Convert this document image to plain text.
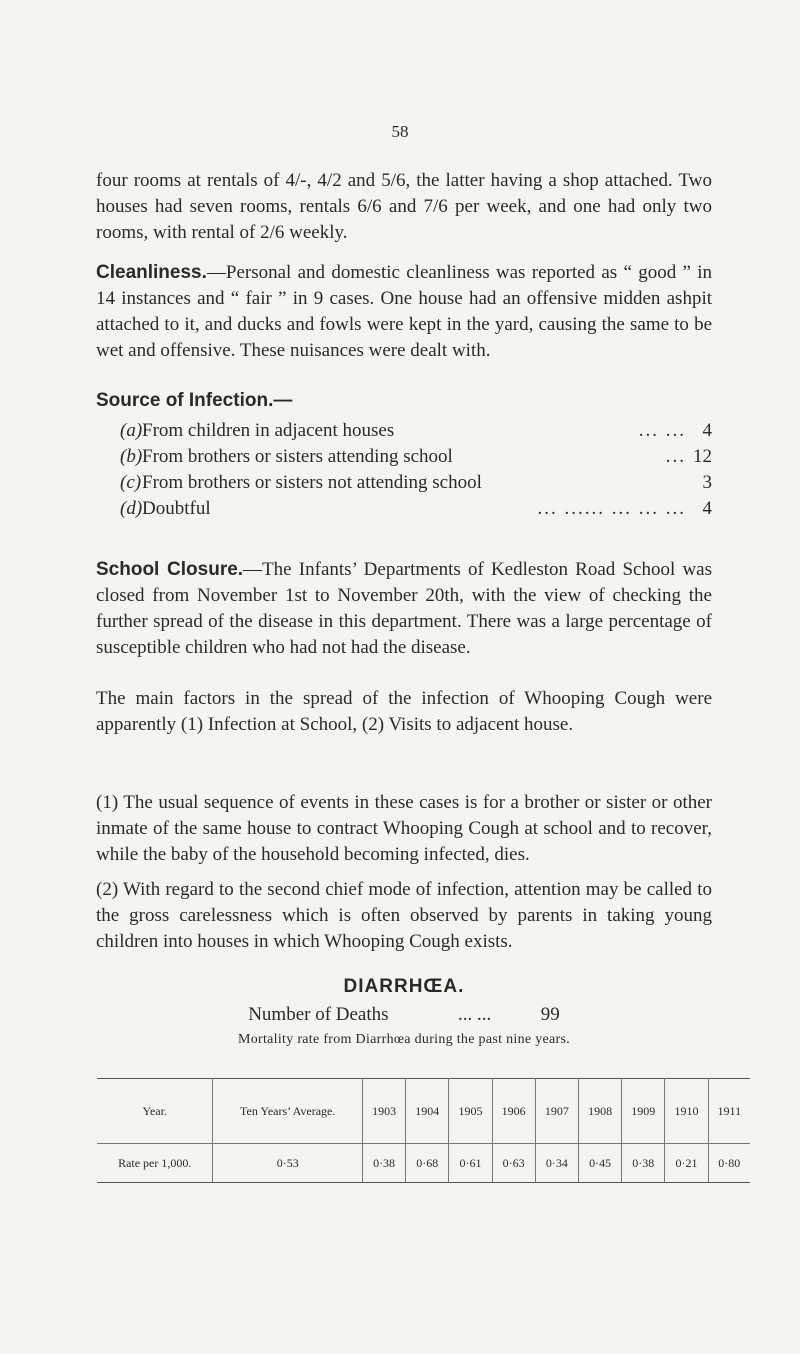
58

four rooms at rentals of 4/-, 4/2 and 5/6, the latter having a shop attached. Two houses had seven rooms, rentals 6/6 and 7/6 per week, and one had only two rooms, with rental of 2/6 weekly.

Cleanliness.—Personal and domestic cleanliness was reported as “ good ” in 14 instances and “ fair ” in 9 cases. One house had an offensive midden ashpit attached to it, and ducks and fowls were kept in the yard, causing the same to be wet and offensive. These nuisances were dealt with.

Source of Infection.—
(a) From children in adjacent houses	... ... 4
(b) From brothers or sisters attending school	... 12
(c) From brothers or sisters not attending school	3
(d) Doubtful	... ...... ... ... ... 4

School Closure.—The Infants’ Departments of Kedleston Road School was closed from November 1st to November 20th, with the view of checking the further spread of the disease in this department. There was a large percentage of susceptible children who had not had the disease.

The main factors in the spread of the infection of Whooping Cough were apparently (1) Infection at School, (2) Visits to adjacent house.

(1) The usual sequence of events in these cases is for a brother or sister or other inmate of the same house to contract Whooping Cough at school and to recover, while the baby of the household becoming infected, dies.

(2) With regard to the second chief mode of infection, attention may be called to the gross carelessness which is often observed by parents in taking young children into houses in which Whooping Cough exists.

DIARRHŒA.
Number of Deaths	... ...	99
Mortality rate from Diarrhœa during the past nine years.
Year.	Ten Years’ Average.	1903	1904	1905	1906	1907	1908	1909	1910	1911
Rate per 1,000.	0·53	0·38	0·68	0·61	0·63	0·34	0·45	0·38	0·21	0·80
